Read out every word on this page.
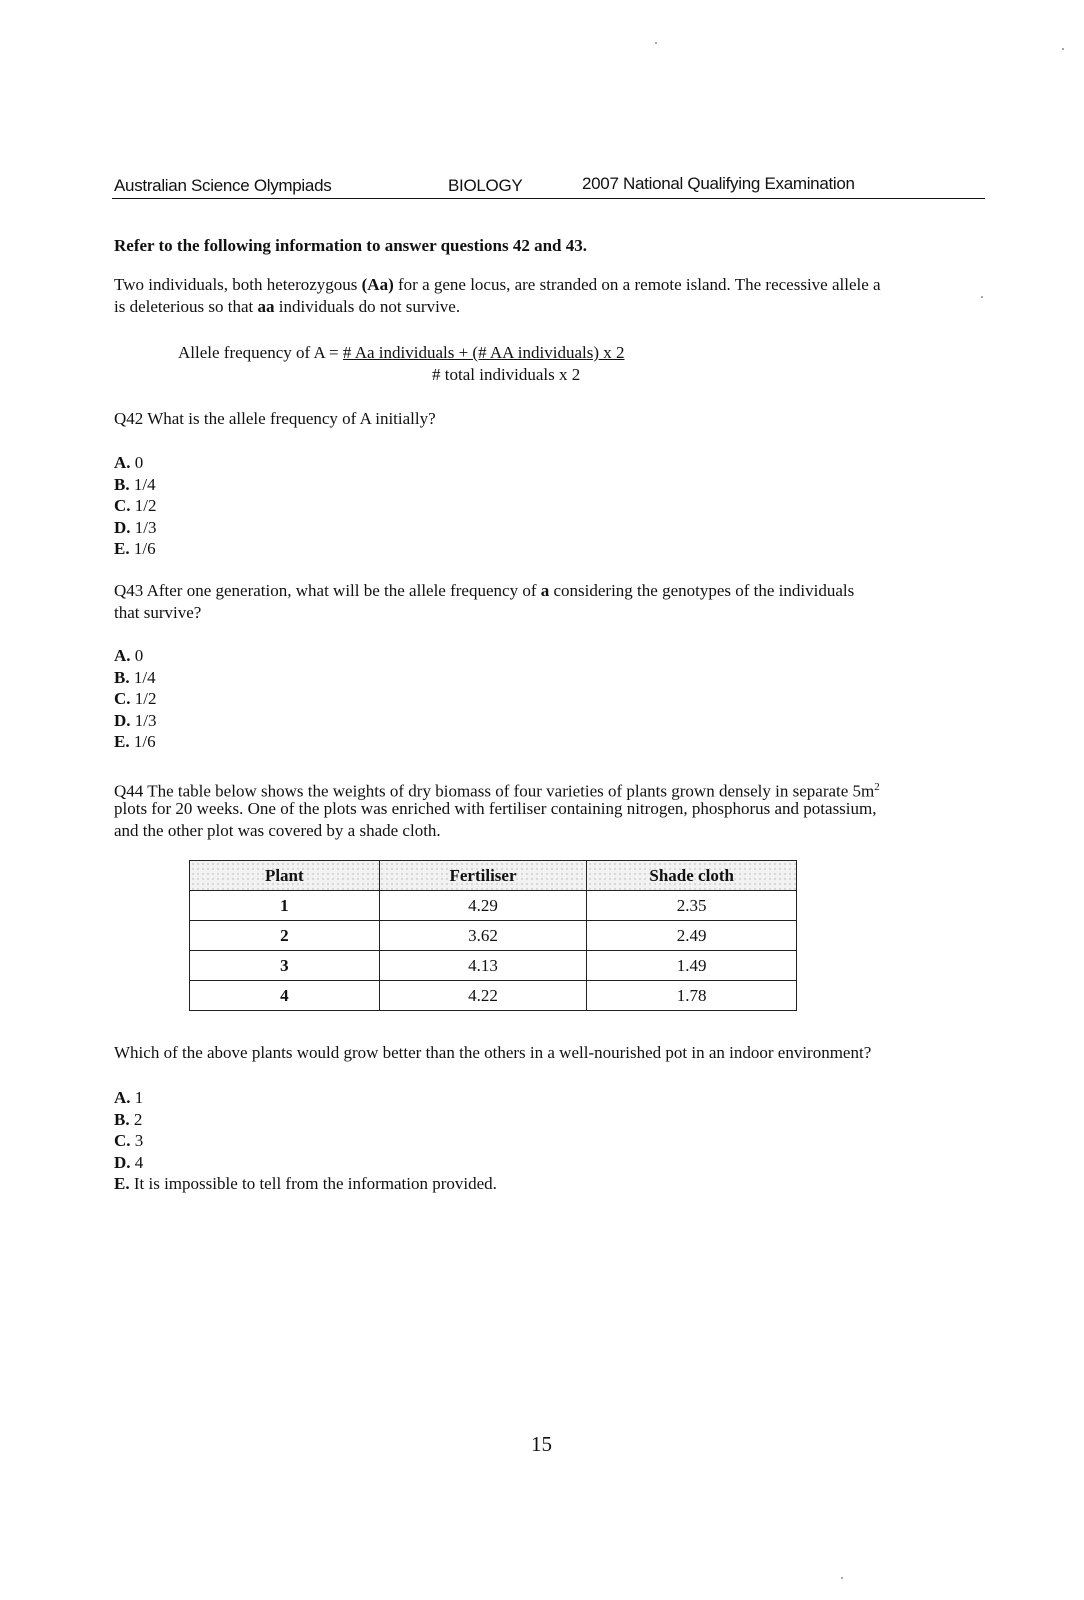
Australian Science Olympiads	BIOLOGY	2007 National Qualifying Examination
Refer to the following information to answer questions 42 and 43.
Two individuals, both heterozygous (Aa) for a gene locus, are stranded on a remote island. The recessive allele a
is deleterious so that aa individuals do not survive.
Allele frequency of A = # Aa individuals + (# AA individuals) x 2
# total individuals x 2
Q42 What is the allele frequency of A initially?
A. 0
B. 1/4
C. 1/2
D. 1/3
E. 1/6
Q43 After one generation, what will be the allele frequency of a considering the genotypes of the individuals
that survive?
A. 0
B. 1/4
C. 1/2
D. 1/3
E. 1/6
Q44 The table below shows the weights of dry biomass of four varieties of plants grown densely in separate $5m^2$
plots for 20 weeks. One of the plots was enriched with fertiliser containing nitrogen, phosphorus and potassium,
and the other plot was covered by a shade cloth.
Plant	Fertiliser	Shade cloth
1	4.29	2.35
2	3.62	2.49
3	4.13	1.49
4	4.22	1.78
Which of the above plants would grow better than the others in a well-nourished pot in an indoor environment?
A. 1
B. 2
C. 3
D. 4
E. It is impossible to tell from the information provided.
15
